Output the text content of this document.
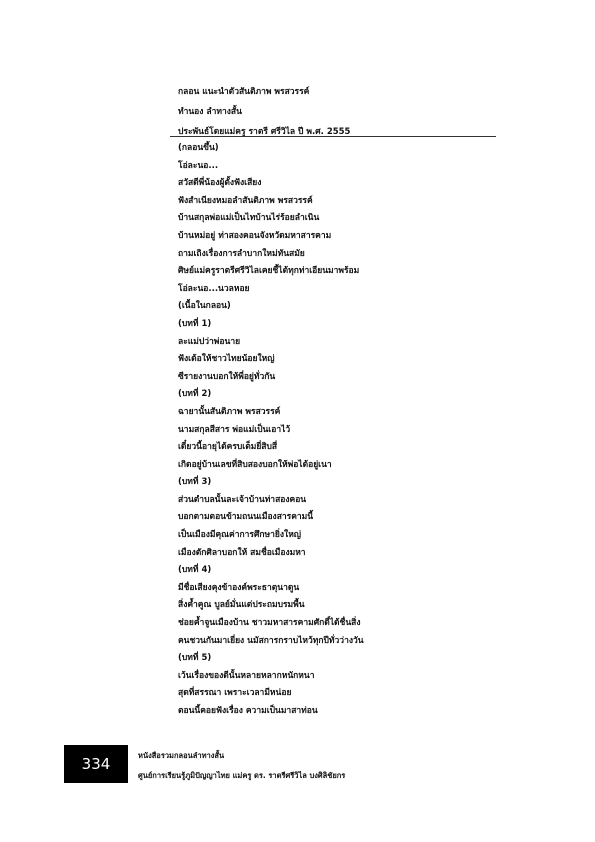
กลอน แนะนำตัวสันติภาพ พรสวรรค์
ทำนอง ลำทางสั้น
ประพันธ์โดยแม่ครู ราตรี ศรีวิไล ปี พ.ศ. 2555
(กลอนขึ้น)
โอ่ละนอ...
สวัสดีพี่น้องผู้ตั้งฟังเสียง
ฟังสำเนียงหมอลำสันติภาพ พรสวรรค์
บ้านสกุลพ่อแม่เป็นไทบ้านไร่ร้อยลำเนิน
บ้านหม่อยู่ ท่าสองคอนจังหวัดมหาสารคาม
ถามเถิงเรื่องการลำบากใหม่ทันสมัย
ศิษย์แม่ครูราตรีศรีวิไลเคยชี้ได้ทุกท่าเอียนมาพร้อม
โอ่ละนอ...นวลหอย
(เนื้อในกลอน)
(บทที่ 1)
ละแม่ปว่าพ่อนาย
ฟังเด้อให้ชาวไทยน้อยใหญ่
ซีรายงานบอกให้พี่อยู่ทั่วกัน
(บทที่ 2)
ฉายานั้นสันติภาพ พรสวรรค์
นามสกุลสีสาร พ่อแม่เป็นเอาไว้
เดี๋ยวนี้อายุได้ครบเต็มยี่สิบสี่
เกิดอยู่บ้านเลขที่สิบสองบอกให้พ่อได้อยู่เนา
(บทที่ 3)
ส่วนตำบลนั้นละเจ้าบ้านท่าสองคอน
บอกตามตอนข้ามถนนเมืองสารคามนี้
เป็นเมืองมีคุณค่าการศึกษายิ่งใหญ่
เมืองตักศิลาบอกให้ สมชื่อเมืองมหา
(บทที่ 4)
มีชื่อเสียงคุงข้าองค์พระธาตุนาดูน
สิ่งค้ำคูณ บูลย์มั่นแต่ประถมบรมพื้น
ช่อยค้ำจูนเมืองบ้าน ชาวมหาสารคามศักดิ์ได้ชื่นสิ่ง
คนชวนกันมาเยี่ยง นมัสการกราบไหว้ทุกปีทั่วว่างวัน
(บทที่ 5)
เว้นเรื่องของดีนั้นหลายหลากหนักหนา
สุดที่สรรณา เพราะเวลามีหน่อย
ตอนนี้คอยฟังเรื่อง ความเป็นมาสาท่อน
334	หนังสือรวมกลอนลำทางสั้น
ศูนย์การเรียนรู้ภูมิปัญญาไทย แม่ครู ดร. ราตรีศรีวิไล บงศิลิชัยกร
